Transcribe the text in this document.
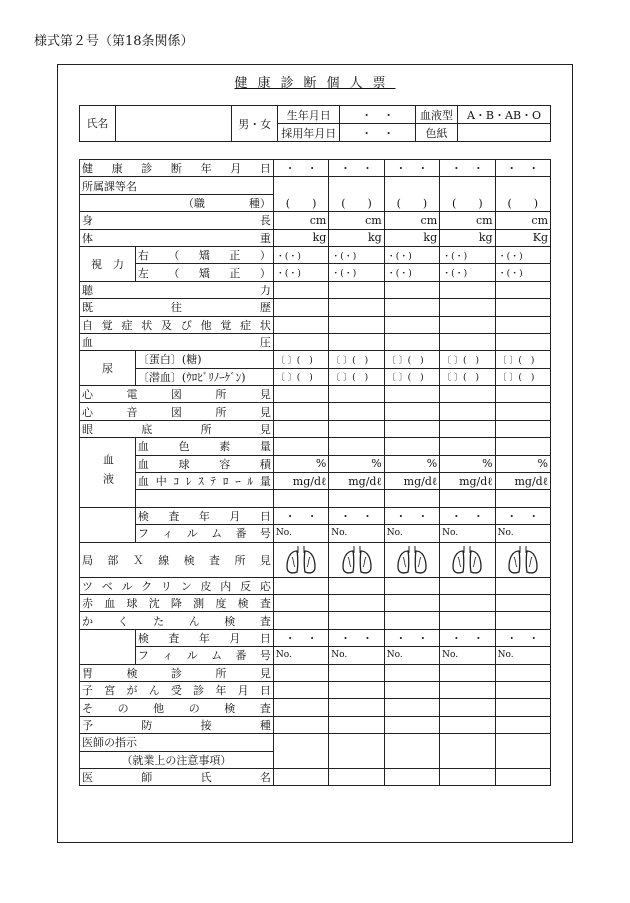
様式第２号（第18条関係）
健康診断個人票
氏名		男・女	生年月日	・　・	血液型	A・B・AB・O
			採用年月日	・　・	色紙	
健　康　診　断　年　月　日		・　・	・　・	・　・	・　・	・　・
所属課等名		(　　)	(　　)	(　　)	(　　)	(　　)
（職　　　　種）						
身　　　　　　　　　長		cm	cm	cm	cm	cm
体　　　　　　　　　重		kg	kg	kg	kg	Kg
視　力	右（矯正）	・(・)	・(・)	・(・)	・(・)	・(・)
	左（矯正）	・(・)	・(・)	・(・)	・(・)	・(・)
聴　　　　　　　　　力						
既　　　往　　　歴						
自覚症状及び他覚症状						
血　　　　　　　　　圧						
尿	〔蛋白〕(糖)	〔 〕(　)	〔 〕(　)	〔 〕(　)	〔 〕(　)	〔 〕(　)
	〔潜血〕(ｳﾛﾋﾞﾘﾉｰｹﾞﾝ)	〔 〕(　)	〔 〕(　)	〔 〕(　)	〔 〕(　)	〔 〕(　)
心　電　図　所　見						
心　音　図　所　見						
眼　　底　　所　　見						
血液	血　色　素　量					
	血　球　容　積	%	%	%	%	%
	血中ｺﾚｽﾃﾛｰﾙ量	mg/dℓ	mg/dℓ	mg/dℓ	mg/dℓ	mg/dℓ

	検　査　年　月　日	・　・	・　・	・　・	・　・	・　・
	フ　ィ　ル　ム　番　号	No.	No.	No.	No.	No.
局部Ｘ線検査所見	

ツベルクリン皮内反応						
赤血球沈降測度検査						
か　く　た　ん　検　査						
	検　査　年　月　日	・　・	・　・	・　・	・　・	・　・
	フ　ィ　ル　ム　番　号	No.	No.	No.	No.	No.
胃　　検　　診　　所　　見						
子宮がん受診年月日						
そ　の　他　の　検　査						
予　　防　　接　　種						
医師の指示						
（就業上の注意事項）						
医　　師　　氏　　名						
